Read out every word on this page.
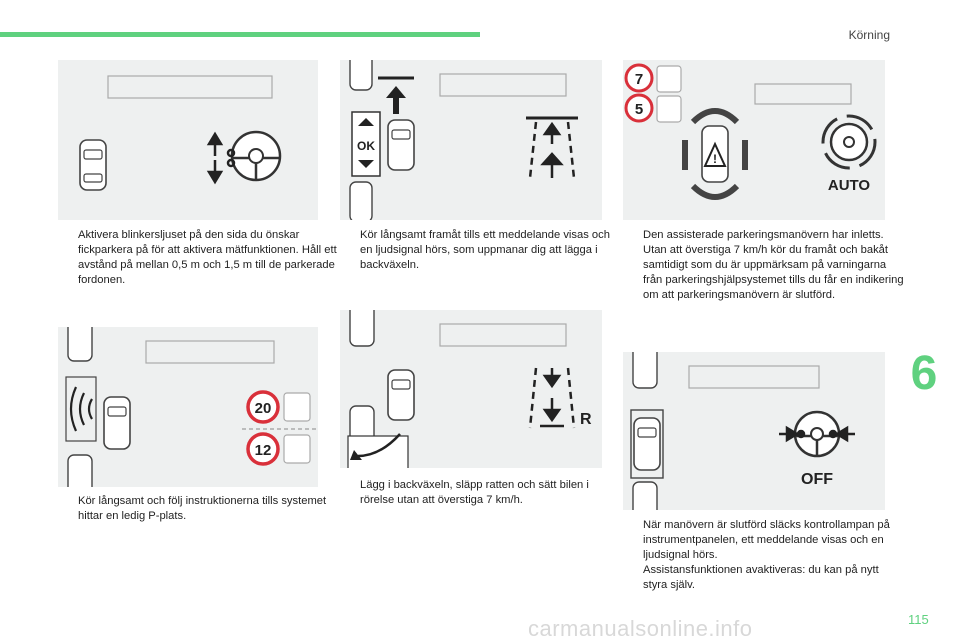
Körning
6
115
carmanualsonline.info
OK
7
5
!
AUTO
20
12
R
OFF

Aktivera blinkersljuset på den sida du önskar fickparkera på för att aktivera mätfunktionen. Håll ett avstånd på mellan 0,5 m och 1,5 m till de parkerade fordonen.

Kör långsamt framåt tills ett meddelande visas och en ljudsignal hörs, som uppmanar dig att lägga i backväxeln.

Den assisterade parkeringsmanövern har inletts.

Utan att överstiga 7 km/h kör du framåt och bakåt samtidigt som du är uppmärksam på varningarna från parkeringshjälpsystemet tills du får en indikering om att parkeringsmanövern är slutförd.

Kör långsamt och följ instruktionerna tills systemet hittar en ledig P-plats.

Lägg i backväxeln, släpp ratten och sätt bilen i rörelse utan att överstiga 7 km/h.

När manövern är slutförd släcks kontrollampan på instrumentpanelen, ett meddelande visas och en ljudsignal hörs.

Assistansfunktionen avaktiveras: du kan på nytt styra själv.
